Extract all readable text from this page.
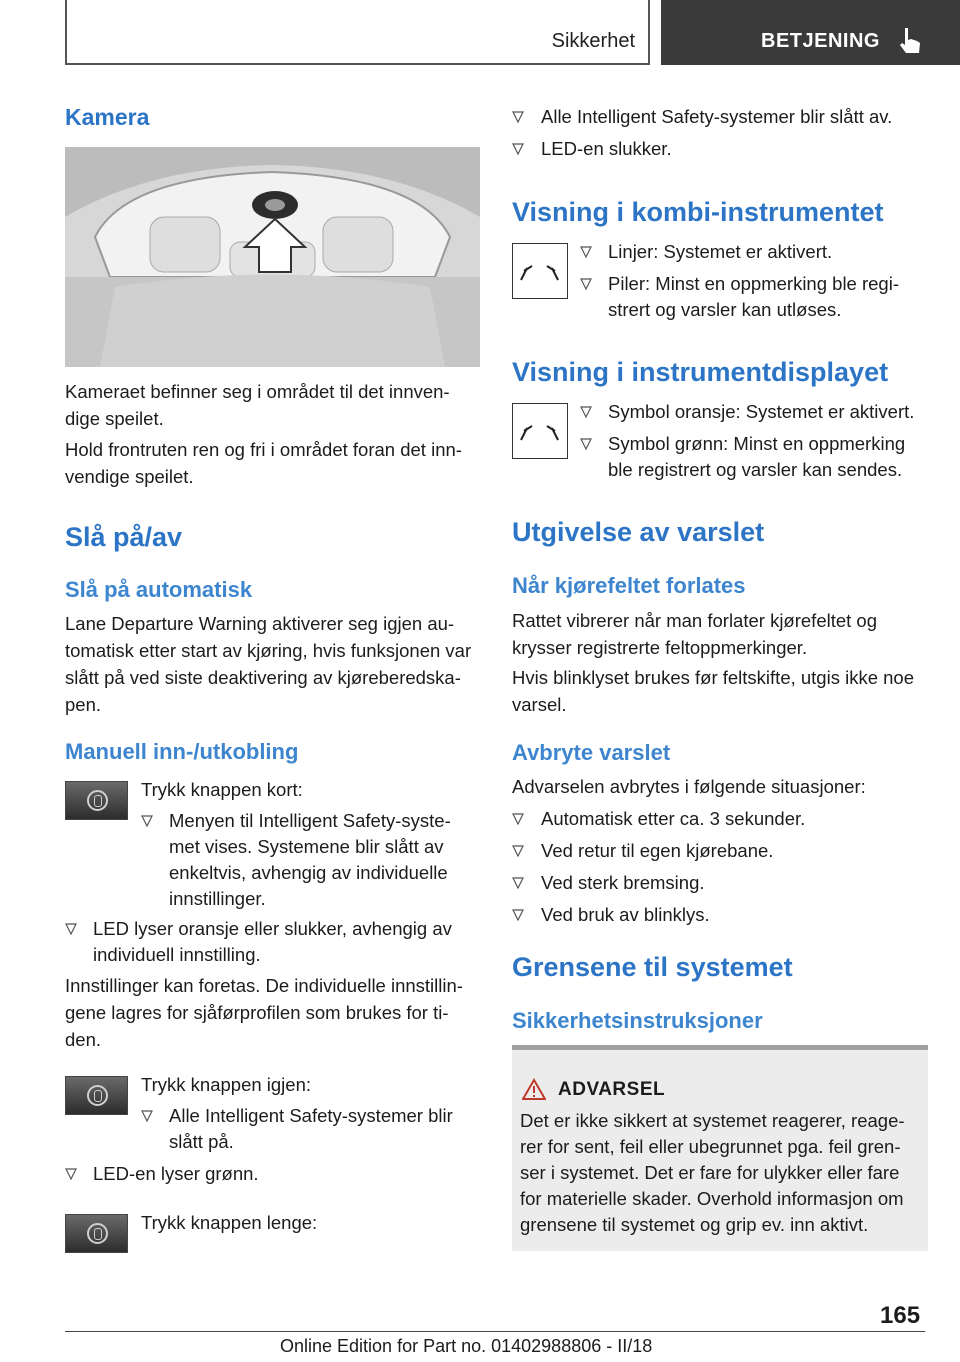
Sikkerhet	BETJENING
Kamera
Kameraet befinner seg i området til det innven-
dige speilet.
Hold frontruten ren og fri i området foran det inn-
vendige speilet.
Slå på/av
Slå på automatisk
Lane Departure Warning aktiverer seg igjen au-
tomatisk etter start av kjøring, hvis funksjonen var
slått på ved siste deaktivering av kjøreberedska-
pen.
Manuell inn-/utkobling
Trykk knappen kort:
Menyen til Intelligent Safety-syste-
met vises. Systemene blir slått av
enkeltvis, avhengig av individuelle
innstillinger.
LED lyser oransje eller slukker, avhengig av
individuell innstilling.
Innstillinger kan foretas. De individuelle innstillin-
gene lagres for sjåførprofilen som brukes for ti-
den.
Trykk knappen igjen:
Alle Intelligent Safety-systemer blir
slått på.
LED-en lyser grønn.
Trykk knappen lenge:
Alle Intelligent Safety-systemer blir slått av.
LED-en slukker.
Visning i kombi-instrumentet
Linjer: Systemet er aktivert.
Piler: Minst en oppmerking ble regi-
strert og varsler kan utløses.
Visning i instrumentdisplayet
Symbol oransje: Systemet er aktivert.
Symbol grønn: Minst en oppmerking
ble registrert og varsler kan sendes.
Utgivelse av varslet
Når kjørefeltet forlates
Rattet vibrerer når man forlater kjørefeltet og
krysser registrerte feltoppmerkinger.
Hvis blinklyset brukes før feltskifte, utgis ikke noe
varsel.
Avbryte varslet
Advarselen avbrytes i følgende situasjoner:
Automatisk etter ca. 3 sekunder.
Ved retur til egen kjørebane.
Ved sterk bremsing.
Ved bruk av blinklys.
Grensene til systemet
Sikkerhetsinstruksjoner
ADVARSEL
Det er ikke sikkert at systemet reagerer, reage-
rer for sent, feil eller ubegrunnet pga. feil gren-
ser i systemet. Det er fare for ulykker eller fare
for materielle skader. Overhold informasjon om
grensene til systemet og grip ev. inn aktivt.
165
Online Edition for Part no. 01402988806 - II/18
